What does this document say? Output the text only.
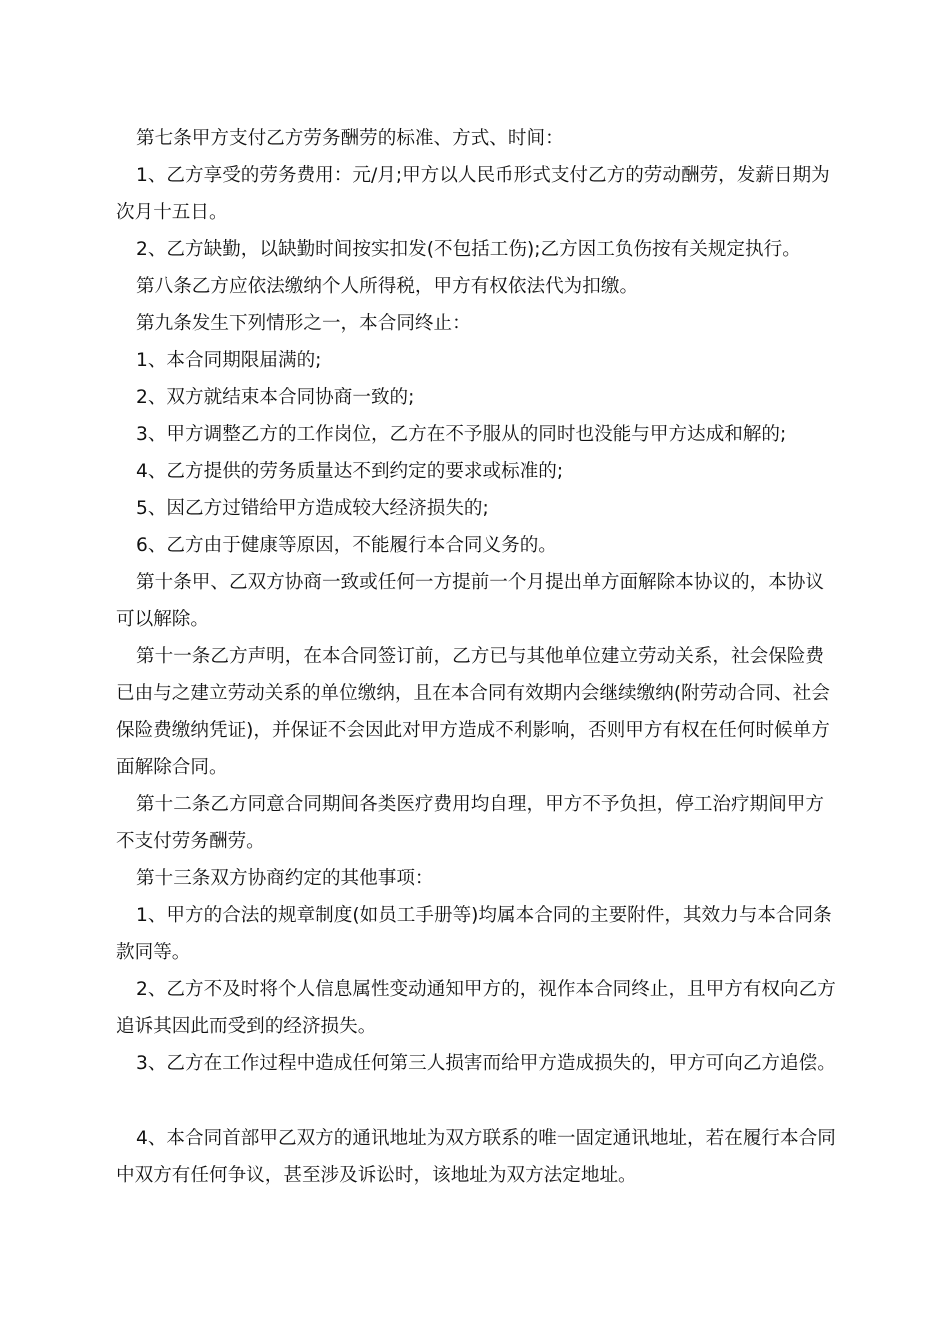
第七条甲方支付乙方劳务酬劳的标准、方式、时间：

1、乙方享受的劳务费用：元/月;甲方以人民币形式支付乙方的劳动酬劳，发薪日期为次月十五日。

2、乙方缺勤，以缺勤时间按实扣发(不包括工伤);乙方因工负伤按有关规定执行。

第八条乙方应依法缴纳个人所得税，甲方有权依法代为扣缴。

第九条发生下列情形之一，本合同终止：

1、本合同期限届满的;

2、双方就结束本合同协商一致的;

3、甲方调整乙方的工作岗位，乙方在不予服从的同时也没能与甲方达成和解的;

4、乙方提供的劳务质量达不到约定的要求或标准的;

5、因乙方过错给甲方造成较大经济损失的;

6、乙方由于健康等原因，不能履行本合同义务的。

第十条甲、乙双方协商一致或任何一方提前一个月提出单方面解除本协议的，本协议可以解除。

第十一条乙方声明，在本合同签订前，乙方已与其他单位建立劳动关系，社会保险费已由与之建立劳动关系的单位缴纳，且在本合同有效期内会继续缴纳(附劳动合同、社会保险费缴纳凭证)，并保证不会因此对甲方造成不利影响，否则甲方有权在任何时候单方面解除合同。

第十二条乙方同意合同期间各类医疗费用均自理，甲方不予负担，停工治疗期间甲方不支付劳务酬劳。

第十三条双方协商约定的其他事项：

1、甲方的合法的规章制度(如员工手册等)均属本合同的主要附件，其效力与本合同条款同等。

2、乙方不及时将个人信息属性变动通知甲方的，视作本合同终止，且甲方有权向乙方追诉其因此而受到的经济损失。

3、乙方在工作过程中造成任何第三人损害而给甲方造成损失的，甲方可向乙方追偿。

4、本合同首部甲乙双方的通讯地址为双方联系的唯一固定通讯地址，若在履行本合同中双方有任何争议，甚至涉及诉讼时，该地址为双方法定地址。
